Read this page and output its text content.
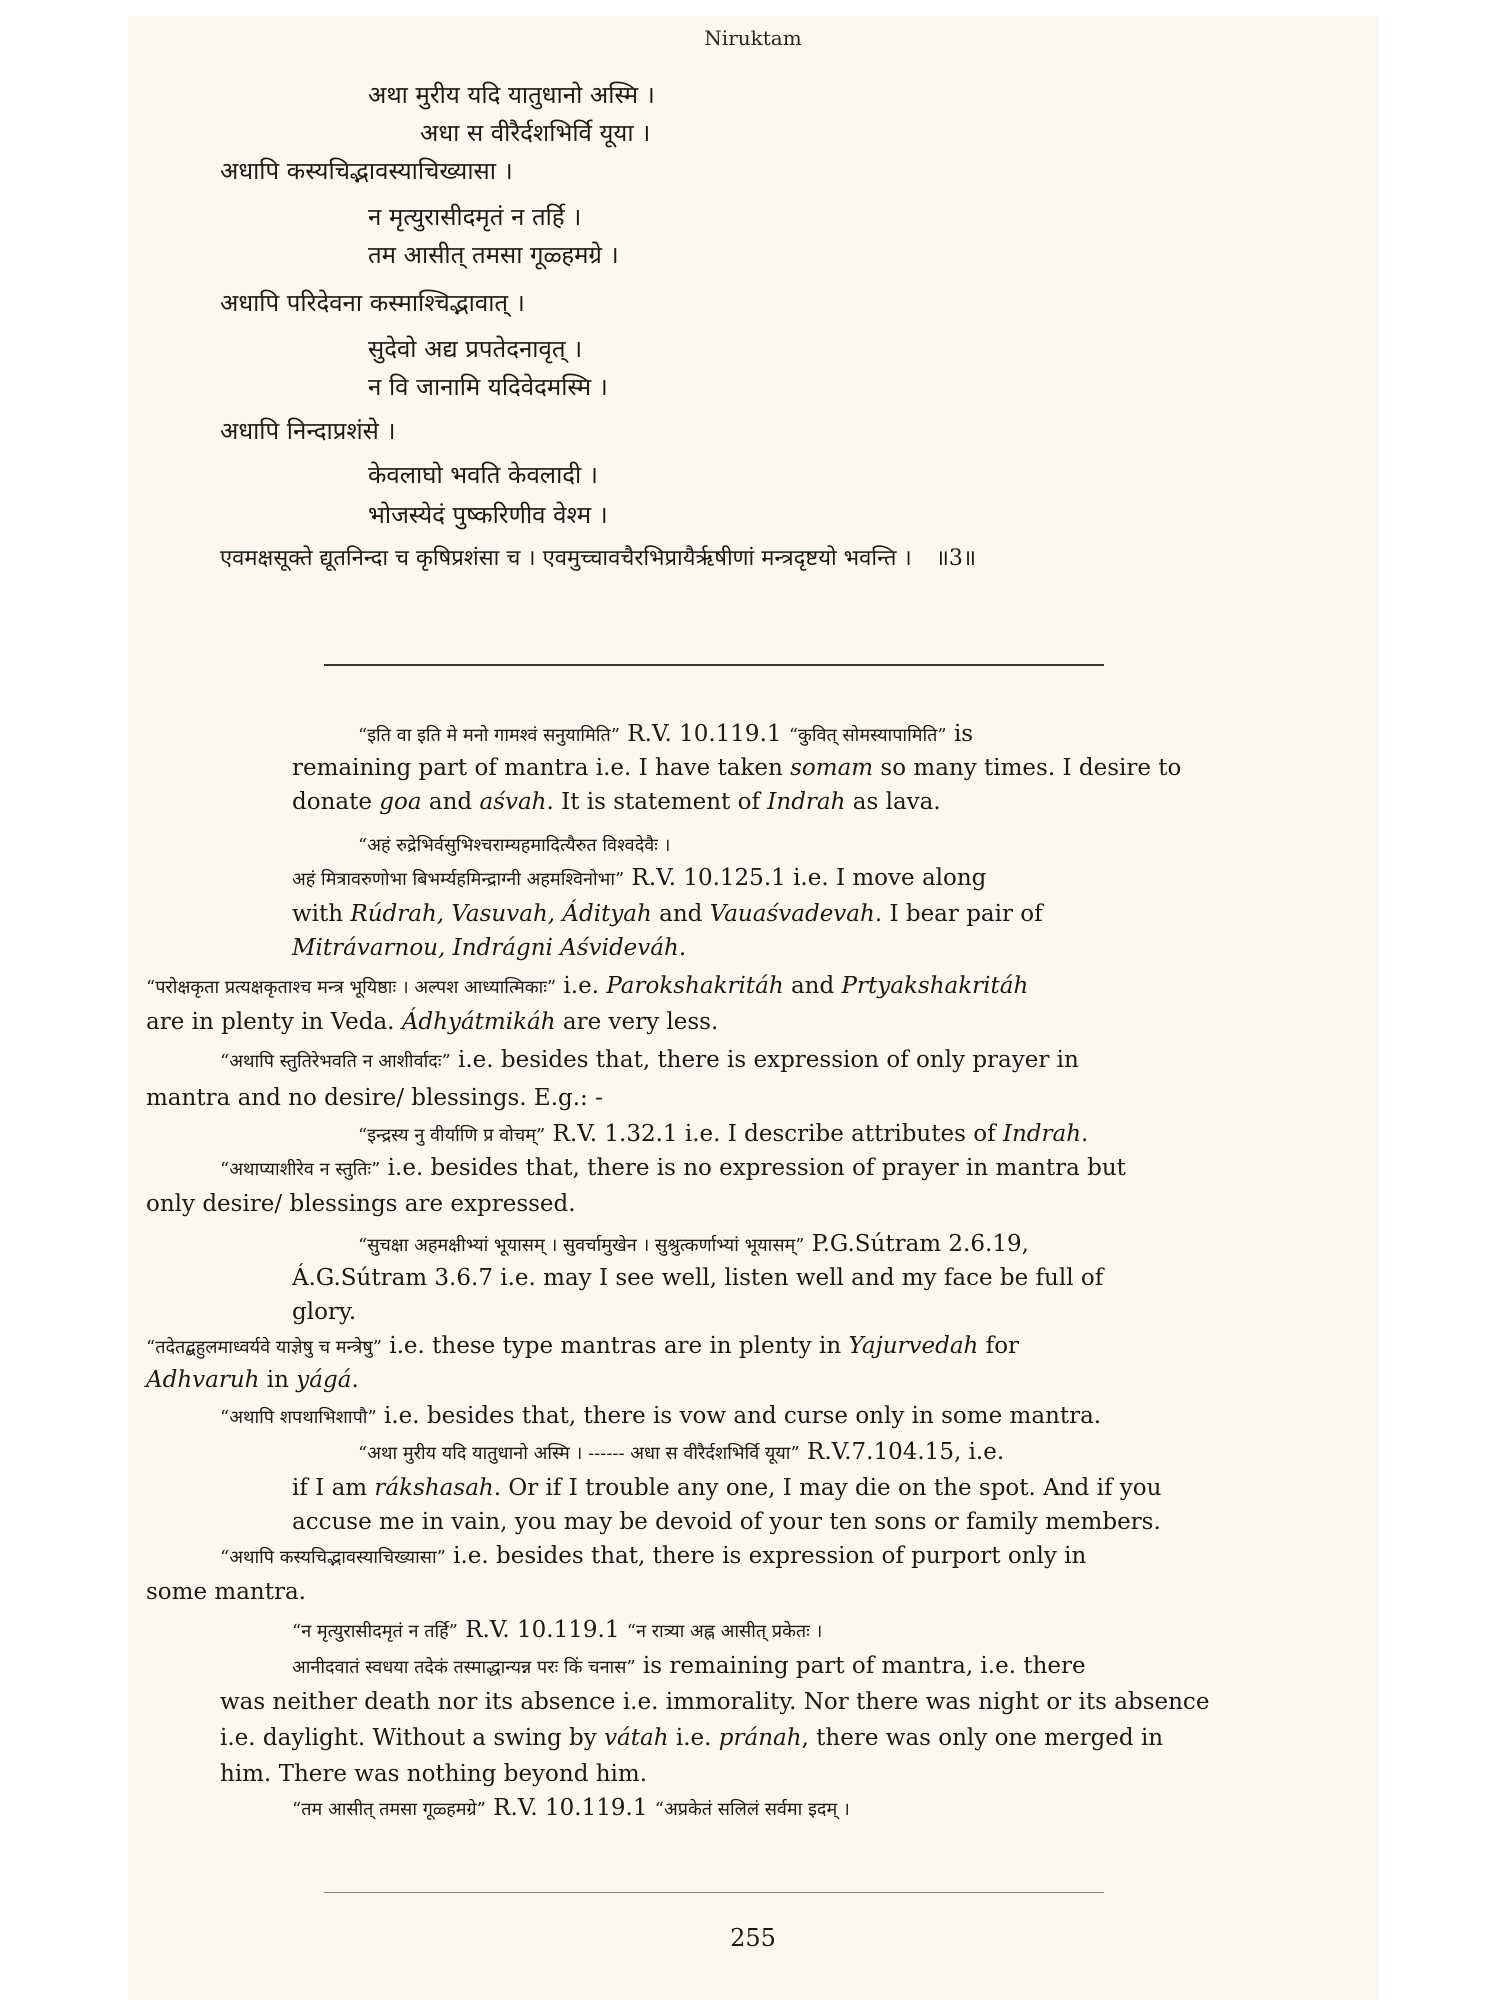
Niruktam
अथा मुरीय यदि यातुधानो अस्मि ।
अधा स वीरैर्दशभिर्वि यूया ।
अधापि कस्यचिद्भावस्याचिख्यासा ।
न मृत्युरासीदमृतं न तर्हि ।
तम आसीत् तमसा गूळ्हमग्रे ।
अधापि परिदेवना कस्माश्चिद्भावात् ।
सुदेवो अद्य प्रपतेदनावृत् ।
न वि जानामि यदिवेदमस्मि ।
अधापि निन्दाप्रशंसे ।
केवलाघो भवति केवलादी ।
भोजस्येदं पुष्करिणीव वेश्म ।
एवमक्षसूक्ते द्यूतनिन्दा च कृषिप्रशंसा च । एवमुच्चावचैरभिप्रायैर्ऋषीणां मन्त्रदृष्टयो भवन्ति । ॥3॥
“इति वा इति मे मनो गामश्वं सनुयामिति” R.V. 10.119.1 “कुवित् सोमस्यापामिति” is
remaining part of mantra i.e. I have taken somam so many times. I desire to
donate goa and aśvah. It is statement of Indrah as lava.
“अहं रुद्रेभिर्वसुभिश्चराम्यहमादित्यैरुत विश्वदेवैः ।
अहं मित्रावरुणोभा बिभर्म्यहमिन्द्राग्नी अहमश्विनोभा” R.V. 10.125.1 i.e. I move along
with Rúdrah, Vasuvah, Ádityah and Vauaśvadevah. I bear pair of
Mitrávarnou, Indrágni Aśvideváh.
“परोक्षकृता प्रत्यक्षकृताश्च मन्त्र भूयिष्ठाः । अल्पश आध्यात्मिकाः” i.e. Parokshakritáh and Prtyakshakritáh
are in plenty in Veda. Ádhyátmikáh are very less.
“अथापि स्तुतिरेभवति न आशीर्वादः” i.e. besides that, there is expression of only prayer in
mantra and no desire/ blessings. E.g.: -
“इन्द्रस्य नु वीर्याणि प्र वोचम्” R.V. 1.32.1 i.e. I describe attributes of Indrah.
“अथाप्याशीरेव न स्तुतिः” i.e. besides that, there is no expression of prayer in mantra but
only desire/ blessings are expressed.
“सुचक्षा अहमक्षीभ्यां भूयासम् । सुवर्चामुखेन । सुश्रुत्कर्णाभ्यां भूयासम्” P.G.Sútram 2.6.19,
Á.G.Sútram 3.6.7 i.e. may I see well, listen well and my face be full of
glory.
“तदेतद्बहुलमाध्वर्यवे याज्ञेषु च मन्त्रेषु” i.e. these type mantras are in plenty in Yajurvedah for
Adhvaruh in yágá.
“अथापि शपथाभिशापौ” i.e. besides that, there is vow and curse only in some mantra.
“अथा मुरीय यदि यातुधानो अस्मि । ------ अधा स वीरैर्दशभिर्वि यूया” R.V.7.104.15, i.e.
if I am rákshasah. Or if I trouble any one, I may die on the spot. And if you
accuse me in vain, you may be devoid of your ten sons or family members.
“अथापि कस्यचिद्भावस्याचिख्यासा” i.e. besides that, there is expression of purport only in
some mantra.
“न मृत्युरासीदमृतं न तर्हि” R.V. 10.119.1 “न रात्र्या अह्न आसीत् प्रकेतः ।
आनीदवातं स्वधया तदेकं तस्माद्धान्यन्न परः किं चनास” is remaining part of mantra, i.e. there
was neither death nor its absence i.e. immorality. Nor there was night or its absence
i.e. daylight. Without a swing by vátah i.e. pránah, there was only one merged in
him. There was nothing beyond him.
“तम आसीत् तमसा गूळ्हमग्रे” R.V. 10.119.1 “अप्रकेतं सलिलं सर्वमा इदम् ।
255
